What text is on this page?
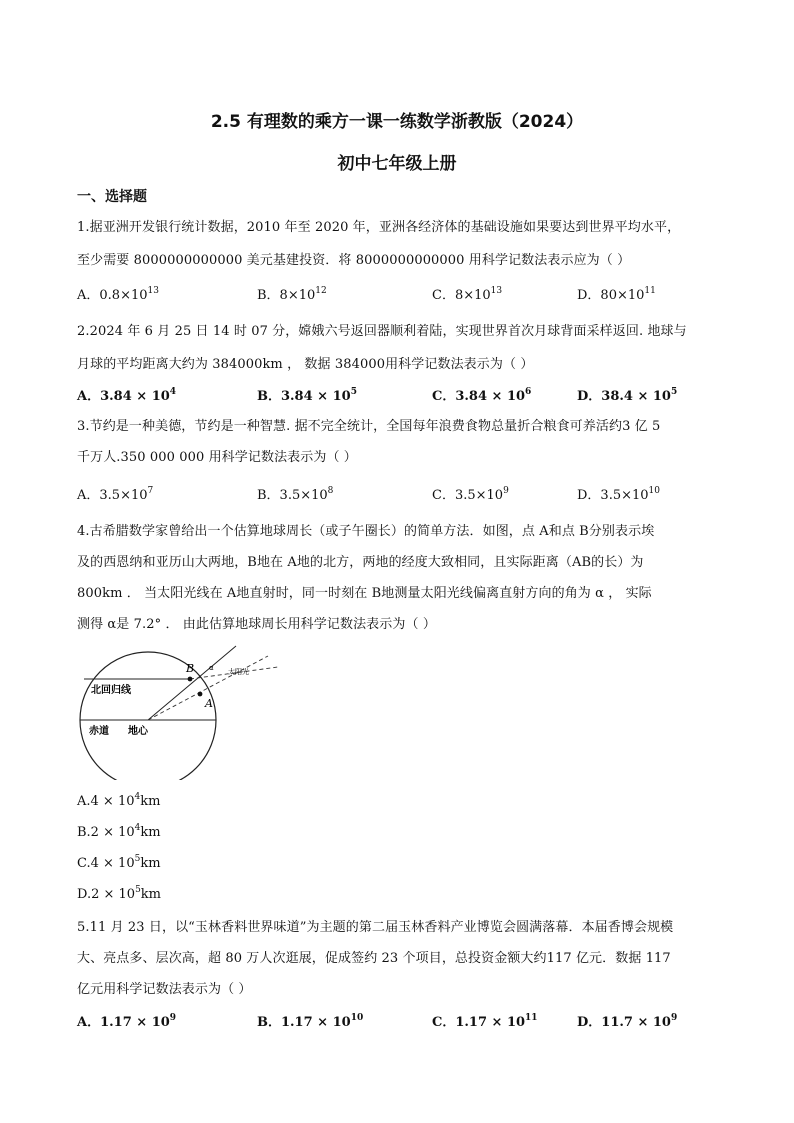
2.5 有理数的乘方一课一练数学浙教版（2024）
初中七年级上册
一、选择题
1.据亚洲开发银行统计数据，2010 年至 2020 年，亚洲各经济体的基础设施如果要达到世界平均水平，
至少需要 8000000000000 美元基建投资．将 8000000000000 用科学记数法表示应为（ ）
A．$0.8\times 10^{13}$	B．$8\times 10^{12}$	C．$8\times 10^{13}$	D．$80\times 10^{11}$
2.2024 年 6 月 25 日 14 时 07 分，嫦娥六号返回器顺利着陆，实现世界首次月球背面采样返回. 地球与
月球的平均距离大约为 384000km ， 数据 384000用科学记数法表示为（ ）
A．$3.84 \times 10^4$	B．$3.84 \times 10^5$	C．$3.84 \times 10^6$	D．$38.4 \times 10^5$
3.节约是一种美德，节约是一种智慧. 据不完全统计，全国每年浪费食物总量折合粮食可养活约3 亿 5
千万人.350 000 000 用科学记数法表示为（ ）
A．$3.5\times 10^7$	B．$3.5\times 10^8$	C．$3.5\times 10^9$	D．$3.5\times 10^{10}$
4.古希腊数学家曾给出一个估算地球周长（或子午圈长）的简单方法．如图，点 A和点 B分别表示埃
及的西恩纳和亚历山大两地，B地在 A地的北方，两地的经度大致相同，且实际距离（AB的长）为
800km ． 当太阳光线在 A地直射时，同一时刻在 B地测量太阳光线偏离直射方向的角为 α ， 实际
测得 α是 7.2° ． 由此估算地球周长用科学记数法表示为（ ）
B
A
α 太阳光
北回归线
赤道 地心
$A.4 \times 10^4km$
$B.2 \times 10^4km$
$C.4 \times 10^5km$
$D.2 \times 10^5km$
5.11 月 23 日，以“玉林香料世界味道”为主题的第二届玉林香料产业博览会圆满落幕．本届香博会规模
大、亮点多、层次高，超 80 万人次逛展，促成签约 23 个项目，总投资金额大约117 亿元．数据 117
亿元用科学记数法表示为（ ）
A．$1.17 \times 10^9$	B．$1.17 \times 10^{10}$	C．$1.17 \times 10^{11}$	D．$11.7 \times 10^9$
